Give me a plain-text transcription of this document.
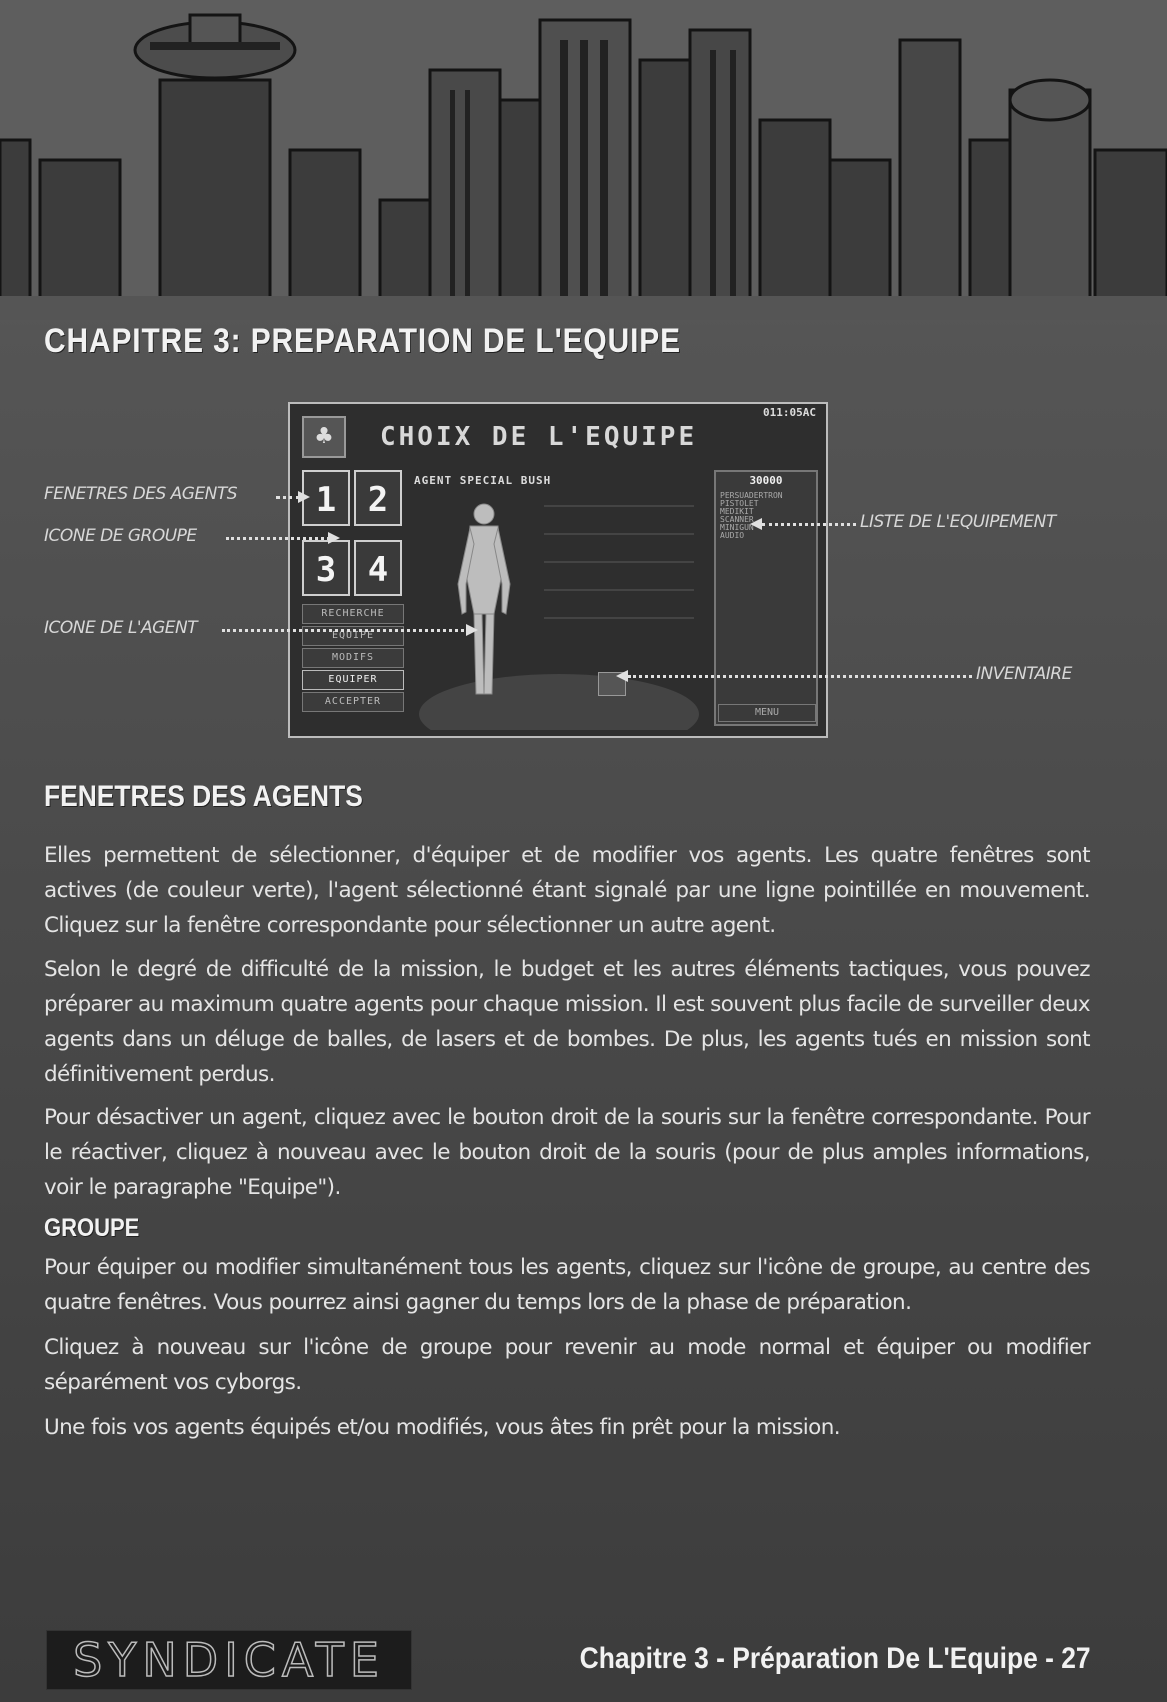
CHAPITRE 3: PREPARATION DE L'EQUIPE
♣
011:05AC
CHOIX DE L'EQUIPE
1 2
3 4
RECHERCHE
EQUIPE
MODIFS
EQUIPER
ACCEPTER
AGENT SPECIAL BUSH	30000
PERSUADERTRON
PISTOLET
MEDIKIT
SCANNER
MINIGUN
AUDIO
MENU
FENETRES DES AGENTS
ICONE DE GROUPE
ICONE DE L'AGENT
LISTE DE L'EQUIPEMENT
INVENTAIRE
FENETRES DES AGENTS

Elles permettent de sélectionner, d'équiper et de modifier vos agents. Les quatre fenêtres sont actives (de couleur verte), l'agent sélectionné étant signalé par une ligne pointillée en mouvement. Cliquez sur la fenêtre correspondante pour sélectionner un autre agent.

Selon le degré de difficulté de la mission, le budget et les autres éléments tactiques, vous pouvez préparer au maximum quatre agents pour chaque mission. Il est souvent plus facile de surveiller deux agents dans un déluge de balles, de lasers et de bombes. De plus, les agents tués en mission sont définitivement perdus.

Pour désactiver un agent, cliquez avec le bouton droit de la souris sur la fenêtre correspondante. Pour le réactiver, cliquez à nouveau avec le bouton droit de la souris (pour de plus amples informations, voir le paragraphe "Equipe").

GROUPE

Pour équiper ou modifier simultanément tous les agents, cliquez sur l'icône de groupe, au centre des quatre fenêtres. Vous pourrez ainsi gagner du temps lors de la phase de préparation.

Cliquez à nouveau sur l'icône de groupe pour revenir au mode normal et équiper ou modifier séparément vos cyborgs.

Une fois vos agents équipés et/ou modifiés, vous âtes fin prêt pour la mission.

SYNDICATE	Chapitre 3 - Préparation De L'Equipe - 27
